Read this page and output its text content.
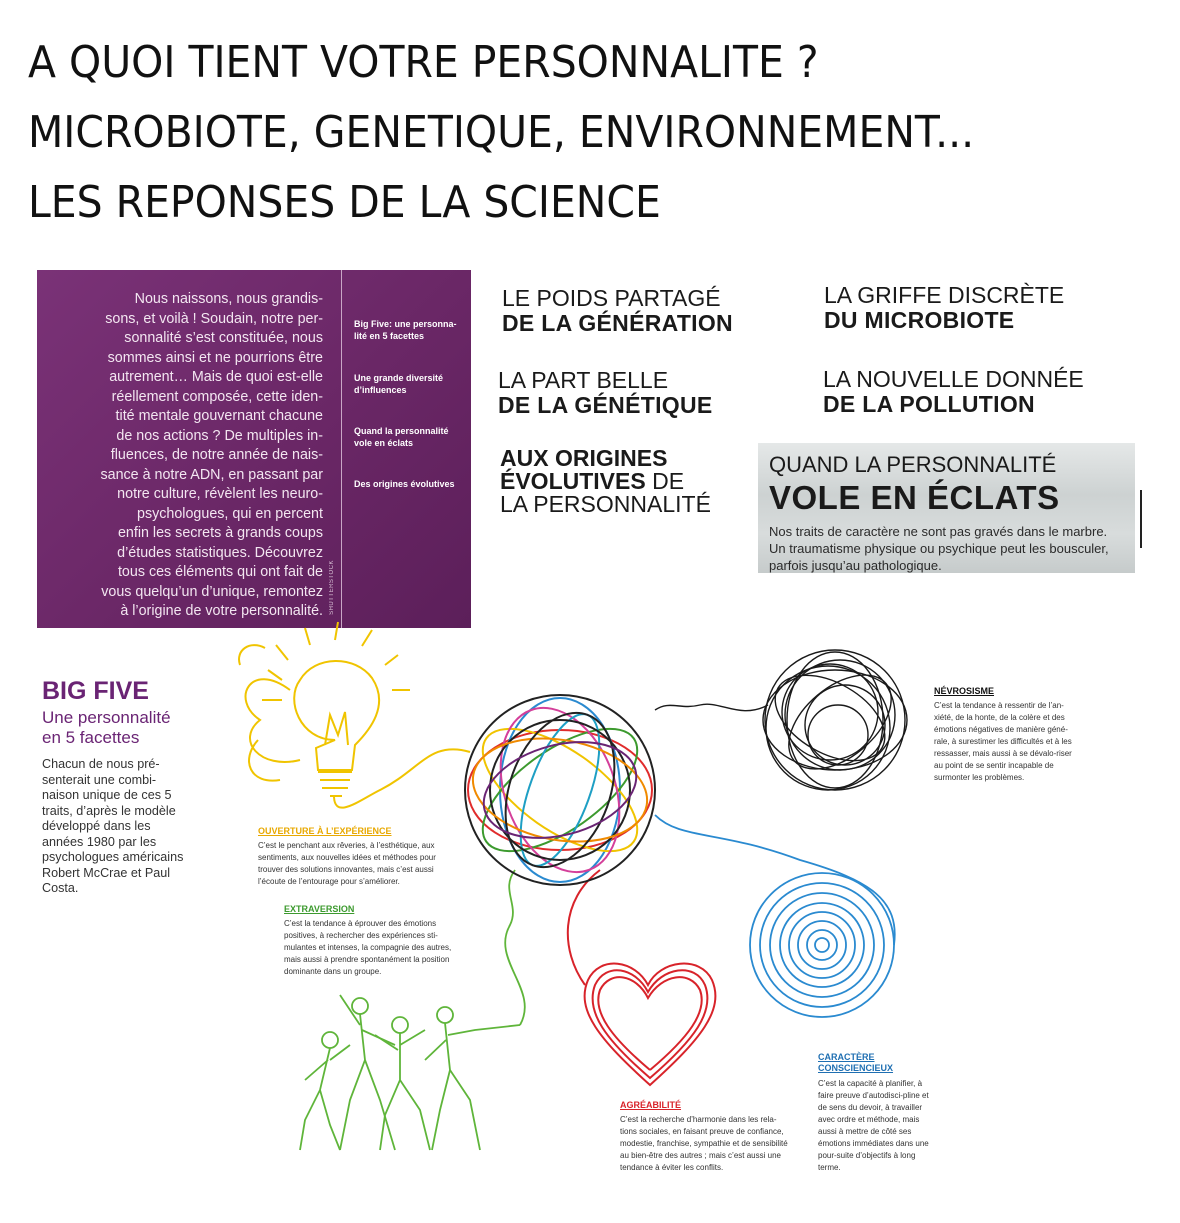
A QUOI TIENT VOTRE PERSONNALITE ?
MICROBIOTE, GENETIQUE, ENVIRONNEMENT...
LES REPONSES DE LA SCIENCE
Nous naissons, nous grandis-
sons, et voilà ! Soudain, notre per-
sonnalité s’est constituée, nous
sommes ainsi et ne pourrions être
autrement… Mais de quoi est-elle
réellement composée, cette iden-
tité mentale gouvernant chacune
de nos actions ? De multiples in-
fluences, de notre année de nais-
sance à notre ADN, en passant par
notre culture, révèlent les neuro-
psychologues, qui en percent
enfin les secrets à grands coups
d’études statistiques. Découvrez
tous ces éléments qui ont fait de
vous quelqu’un d’unique, remontez
à l’origine de votre personnalité. SHUTTERSTOCK
Big Five: une personna-lité en 5 facettes
Une grande diversité d’influences
Quand la personnalité vole en éclats
Des origines évolutives
LE POIDS PARTAGÉ
DE LA GÉNÉRATION
LA GRIFFE DISCRÈTE
DU MICROBIOTE
LA PART BELLE
DE LA GÉNÉTIQUE
LA NOUVELLE DONNÉE
DE LA POLLUTION
AUX ORIGINES
ÉVOLUTIVES DE
LA PERSONNALITÉ
QUAND LA PERSONNALITÉ
VOLE EN ÉCLATS
Nos traits de caractère ne sont pas gravés dans le marbre. Un traumatisme physique ou psychique peut les bousculer, parfois jusqu’au pathologique.
BIG FIVE
Une personnalité en 5 facettes
Chacun de nous pré-senterait une combi-naison unique de ces 5 traits, d’après le modèle développé dans les années 1980 par les psychologues américains Robert McCrae et Paul Costa.
OUVERTURE À L’EXPÉRIENCE
C’est le penchant aux rêveries, à l’esthétique, aux sentiments, aux nouvelles idées et méthodes pour trouver des solutions innovantes, mais c’est aussi l’écoute de l’entourage pour s’améliorer.
EXTRAVERSION
C’est la tendance à éprouver des émotions positives, à rechercher des expériences sti-mulantes et intenses, la compagnie des autres, mais aussi à prendre spontanément la position dominante dans un groupe.
NÉVROSISME
C’est la tendance à ressentir de l’an-xiété, de la honte, de la colère et des émotions négatives de manière géné-rale, à surestimer les difficultés et à les ressasser, mais aussi à se dévalo-riser au point de se sentir incapable de surmonter les problèmes.
CARACTÈRE
CONSCIENCIEUX
C’est la capacité à planifier, à faire preuve d’autodisci-pline et de sens du devoir, à travailler avec ordre et méthode, mais aussi à mettre de côté ses émotions immédiates dans une pour-suite d’objectifs à long terme.
AGRÉABILITÉ
C’est la recherche d’harmonie dans les rela-tions sociales, en faisant preuve de confiance, modestie, franchise, sympathie et de sensibilité au bien-être des autres ; mais c’est aussi une tendance à éviter les conflits.
